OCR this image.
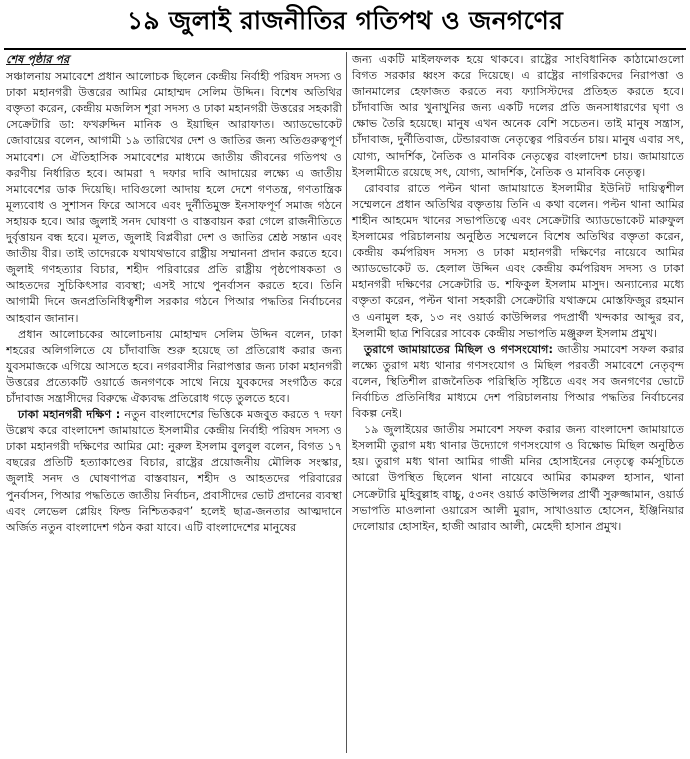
১৯ জুলাই রাজনীতির গতিপথ ও জনগণের
শেষ পৃষ্ঠার পর

সঞ্চালনায় সমাবেশে প্রধান আলোচক ছিলেন কেন্দ্রীয় নির্বাহী পরিষদ সদস্য ও ঢাকা মহানগরী উত্তরের আমির মোহাম্মদ সেলিম উদ্দিন। বিশেষ অতিথির বক্তৃতা করেন, কেন্দ্রীয় মজলিস শূরা সদস্য ও ঢাকা মহানগরী উত্তরের সহকারী সেক্রেটারি ডা: ফখরুদ্দিন মানিক ও ইয়াছিন আরাফাত। অ্যাডভোকেট জোবায়ের বলেন, আগামী ১৯ তারিখের দেশ ও জাতির জন্য অতিগুরুত্বপূর্ণ সমাবেশ। সে ঐতিহাসিক সমাবেশের মাধ্যমে জাতীয় জীবনের গতিপথ ও করণীয় নির্ধারিত হবে। আমরা ৭ দফার দাবি আদায়ের লক্ষ্যে এ জাতীয় সমাবেশের ডাক দিয়েছি। দাবিগুলো আদায় হলে দেশে গণতন্ত্র, গণতান্ত্রিক মূল্যবোধ ও সুশাসন ফিরে আসবে এবং দুর্নীতিমুক্ত ইনসাফপূর্ণ সমাজ গঠনে সহায়ক হবে। আর জুলাই সনদ ঘোষণা ও বাস্তবায়ন করা গেলে রাজনীতিতে দুর্বৃত্তায়ন বন্ধ হবে। মূলত, জুলাই বিপ্লবীরা দেশ ও জাতির শ্রেষ্ঠ সন্তান এবং জাতীয় বীর। তাই তাদেরকে যথাযথভাবে রাষ্ট্রীয় সম্মাননা প্রদান করতে হবে। জুলাই গণহত্যার বিচার, শহীদ পরিবারের প্রতি রাষ্ট্রীয় পৃষ্ঠপোষকতা ও আহতদের সুচিকিৎসার ব্যবস্থা; এসই সাথে পুনর্বাসন করতে হবে। তিনি আগামী দিনে জনপ্রতিনিধিত্বশীল সরকার গঠনে পিআর পদ্ধতির নির্বাচনের আহবান জানান।

প্রধান আলোচকের আলোচনায় মোহাম্মদ সেলিম উদ্দিন বলেন, ঢাকা শহরের অলিগলিতে যে চাঁদাবাজি শুরু হয়েছে তা প্রতিরোধ করার জন্য যুবসমাজকে এগিয়ে আসতে হবে। নগরবাসীর নিরাপত্তার জন্য ঢাকা মহানগরী উত্তরের প্রত্যেকটি ওয়ার্ডে জনগণকে সাথে নিয়ে যুবকদের সংগঠিত করে চাঁদাবাজ সন্ত্রাসীদের বিরুদ্ধে ঐক্যবদ্ধ প্রতিরোধ গড়ে তুলতে হবে।

ঢাকা মহানগরী দক্ষিণ : নতুন বাংলাদেশের ভিত্তিকে মজবুত করতে ৭ দফা উল্লেখ করে বাংলাদেশ জামায়াতে ইসলামীর কেন্দ্রীয় নির্বাহী পরিষদ সদস্য ও ঢাকা মহানগরী দক্ষিণের আমির মো: নুরুল ইসলাম বুলবুল বলেন, বিগত ১৭ বছরের প্রতিটি হত্যাকাণ্ডের বিচার, রাষ্ট্রের প্রয়োজনীয় মৌলিক সংস্কার, জুলাই সনদ ও ঘোষণাপত্র বাস্তবায়ন, শহীদ ও আহতদের পরিবারের পুনর্বাসন, পিআর পদ্ধতিতে জাতীয় নির্বাচন, প্রবাসীদের ভোট প্রদানের ব্যবস্থা এবং লেভেল প্লেয়িং ফিল্ড নিশ্চিতকরণ’ হলেই ছাত্র-জনতার আত্মদানে অর্জিত নতুন বাংলাদেশ গঠন করা যাবে। এটি বাংলাদেশের মানুষের

জন্য একটি মাইলফলক হয়ে থাকবে। রাষ্ট্রের সাংবিধানিক কাঠামোগুলো বিগত সরকার ধ্বংস করে দিয়েছে। এ রাষ্ট্রের নাগরিকদের নিরাপত্তা ও জানমালের হেফাজত করতে নব্য ফ্যাসিস্টদের প্রতিহত করতে হবে। চাঁদাবাজি আর খুনাখুনির জন্য একটি দলের প্রতি জনসাধারণের ঘৃণা ও ক্ষোভ তৈরি হয়েছে। মানুষ এখন অনেক বেশি সচেতন। তাই মানুষ সন্ত্রাস, চাঁদাবাজ, দুর্নীতিবাজ, টেন্ডারবাজ নেতৃত্বের পরিবর্তন চায়। মানুষ এবার সৎ, যোগ্য, আদর্শিক, নৈতিক ও মানবিক নেতৃত্বের বাংলাদেশ চায়। জামায়াতে ইসলামীতে রয়েছে সৎ, যোগ্য, আদর্শিক, নৈতিক ও মানবিক নেতৃত্ব।

রোববার রাতে পল্টন থানা জামায়াতে ইসলামীর ইউনিট দায়িত্বশীল সম্মেলনে প্রধান অতিথির বক্তৃতায় তিনি এ কথা বলেন। পল্টন থানা আমির শাহীন আহমেদ খানের সভাপতিত্বে এবং সেক্রেটারি অ্যাডভোকেট মারুফুল ইসলামের পরিচালনায় অনুষ্ঠিত সম্মেলনে বিশেষ অতিথির বক্তৃতা করেন, কেন্দ্রীয় কর্মপরিষদ সদস্য ও ঢাকা মহানগরী দক্ষিণের নায়েবে আমির অ্যাডভোকেট ড. হেলাল উদ্দিন এবং কেন্দ্রীয় কর্মপরিষদ সদস্য ও ঢাকা মহানগরী দক্ষিণের সেক্রেটারি ড. শফিকুল ইসলাম মাসুদ। অন্যান্যের মধ্যে বক্তৃতা করেন, পল্টন থানা সহকারী সেক্রেটারি যথাক্রমে মোস্তফিজুর রহমান ও এনামুল হক, ১৩ নং ওয়ার্ড কাউন্সিলর পদপ্রার্থী খন্দকার আব্দুর রব, ইসলামী ছাত্র শিবিরের সাবেক কেন্দ্রীয় সভাপতি মঞ্জুরুল ইসলাম প্রমুখ।

তুরাগে জামায়াতের মিছিল ও গণসংযোগ: জাতীয় সমাবেশ সফল করার লক্ষ্যে তুরাগ মধ্য থানার গণসংযোগ ও মিছিল পরবর্তী সমাবেশে নেতৃবৃন্দ বলেন, স্থিতিশীল রাজনৈতিক পরিস্থিতি সৃষ্টিতে এবং সব জনগণের ভোটে নির্বাচিত প্রতিনিধির মাধ্যমে দেশ পরিচালনায় পিআর পদ্ধতির নির্বাচনের বিকল্প নেই।

১৯ জুলাইয়ের জাতীয় সমাবেশ সফল করার জন্য বাংলাদেশ জামায়াতে ইসলামী তুরাগ মধ্য থানার উদ্যোগে গণসংযোগ ও বিক্ষোভ মিছিল অনুষ্ঠিত হয়। তুরাগ মধ্য থানা আমির গাজী মনির হোসাইনের নেতৃত্বে কর্মসূচিতে আরো উপস্থিত ছিলেন থানা নায়েবে আমির কামরুল হাসান, থানা সেক্রেটারি মুহিবুল্লাহ বাচ্চু, ৫৩নং ওয়ার্ড কাউন্সিলর প্রার্থী সুরুজ্জামান, ওয়ার্ড সভাপতি মাওলানা ওয়ারেস আলী মুরাদ, সাখাওয়াত হোসেন, ইঞ্জিনিয়ার দেলোয়ার হোসাইন, হাজী আরাব আলী, মেহেদী হাসান প্রমুখ।
